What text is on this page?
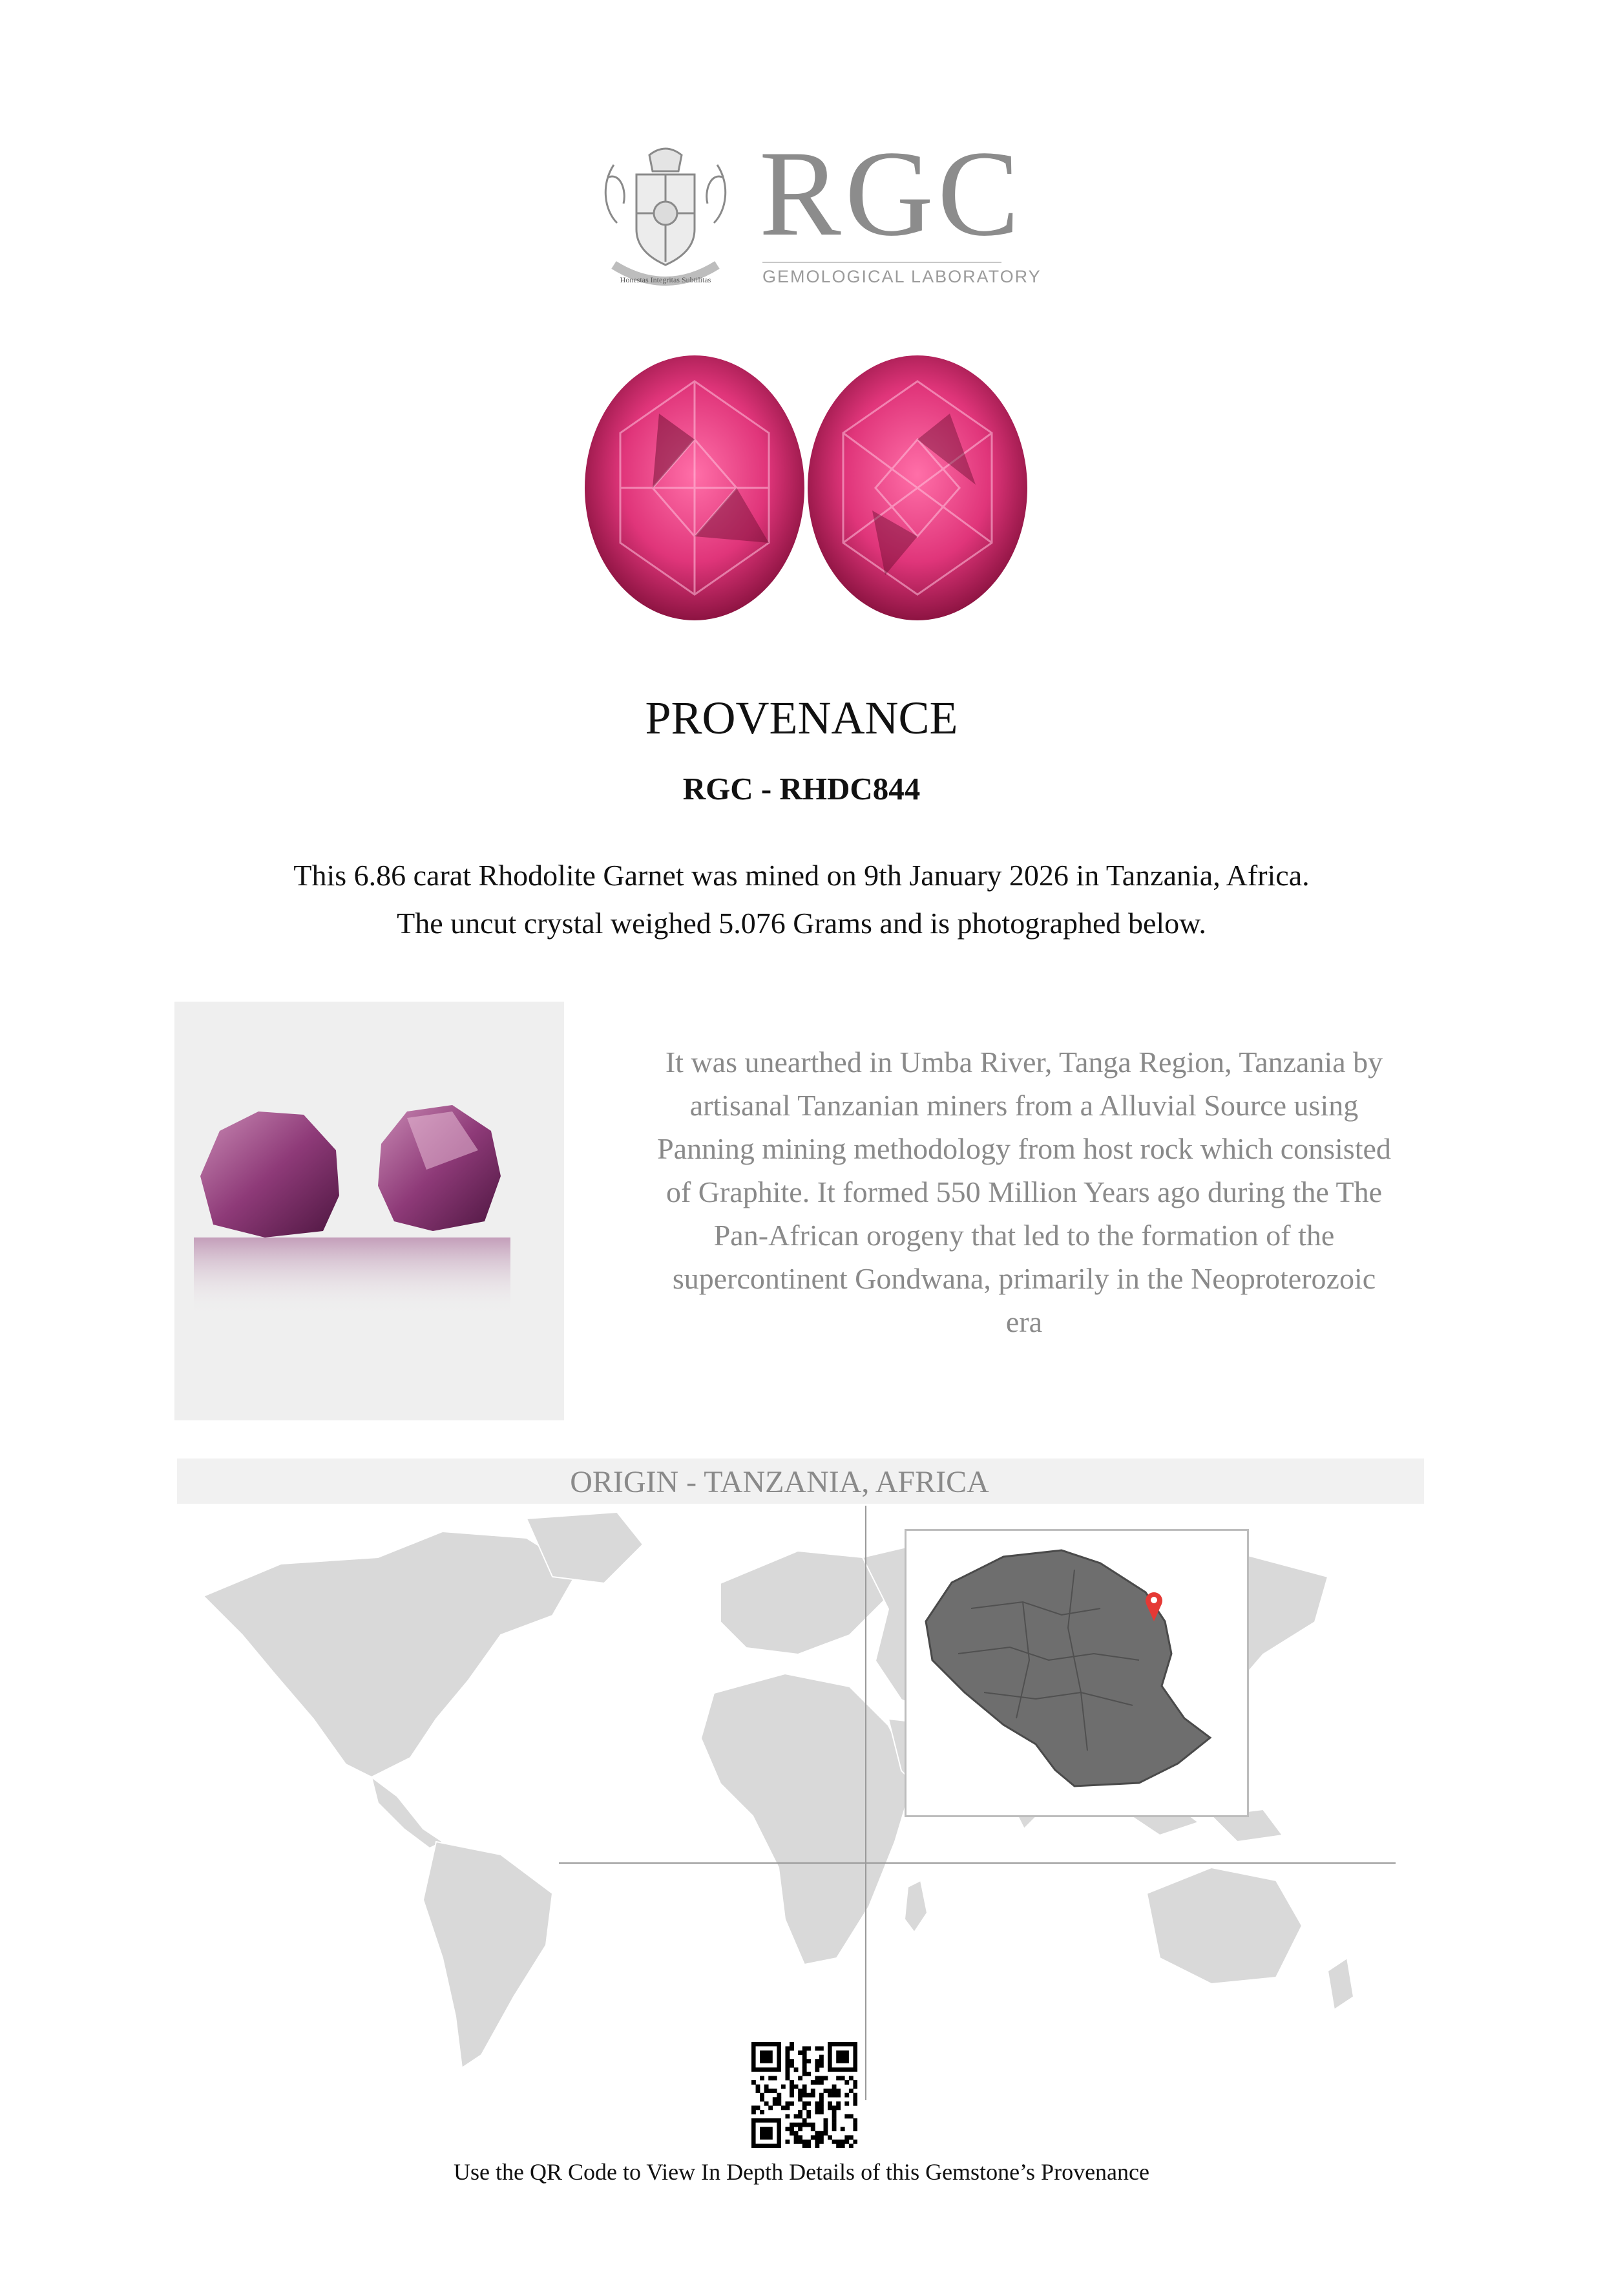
Honestas Integritas Subtilitas
RGC
GEMOLOGICAL LABORATORY
PROVENANCE
RGC - RHDC844

This 6.86 carat Rhodolite Garnet was mined on 9th January 2026 in Tanzania, Africa.

The uncut crystal weighed 5.076 Grams and is photographed below.

It was unearthed in Umba River, Tanga Region, Tanzania by artisanal Tanzanian miners from a Alluvial Source using Panning mining methodology from host rock which consisted of Graphite. It formed 550 Million Years ago during the The Pan-African orogeny that led to the formation of the supercontinent Gondwana, primarily in the Neoproterozoic era
ORIGIN - TANZANIA, AFRICA
Use the QR Code to View In Depth Details of this Gemstone’s Provenance
